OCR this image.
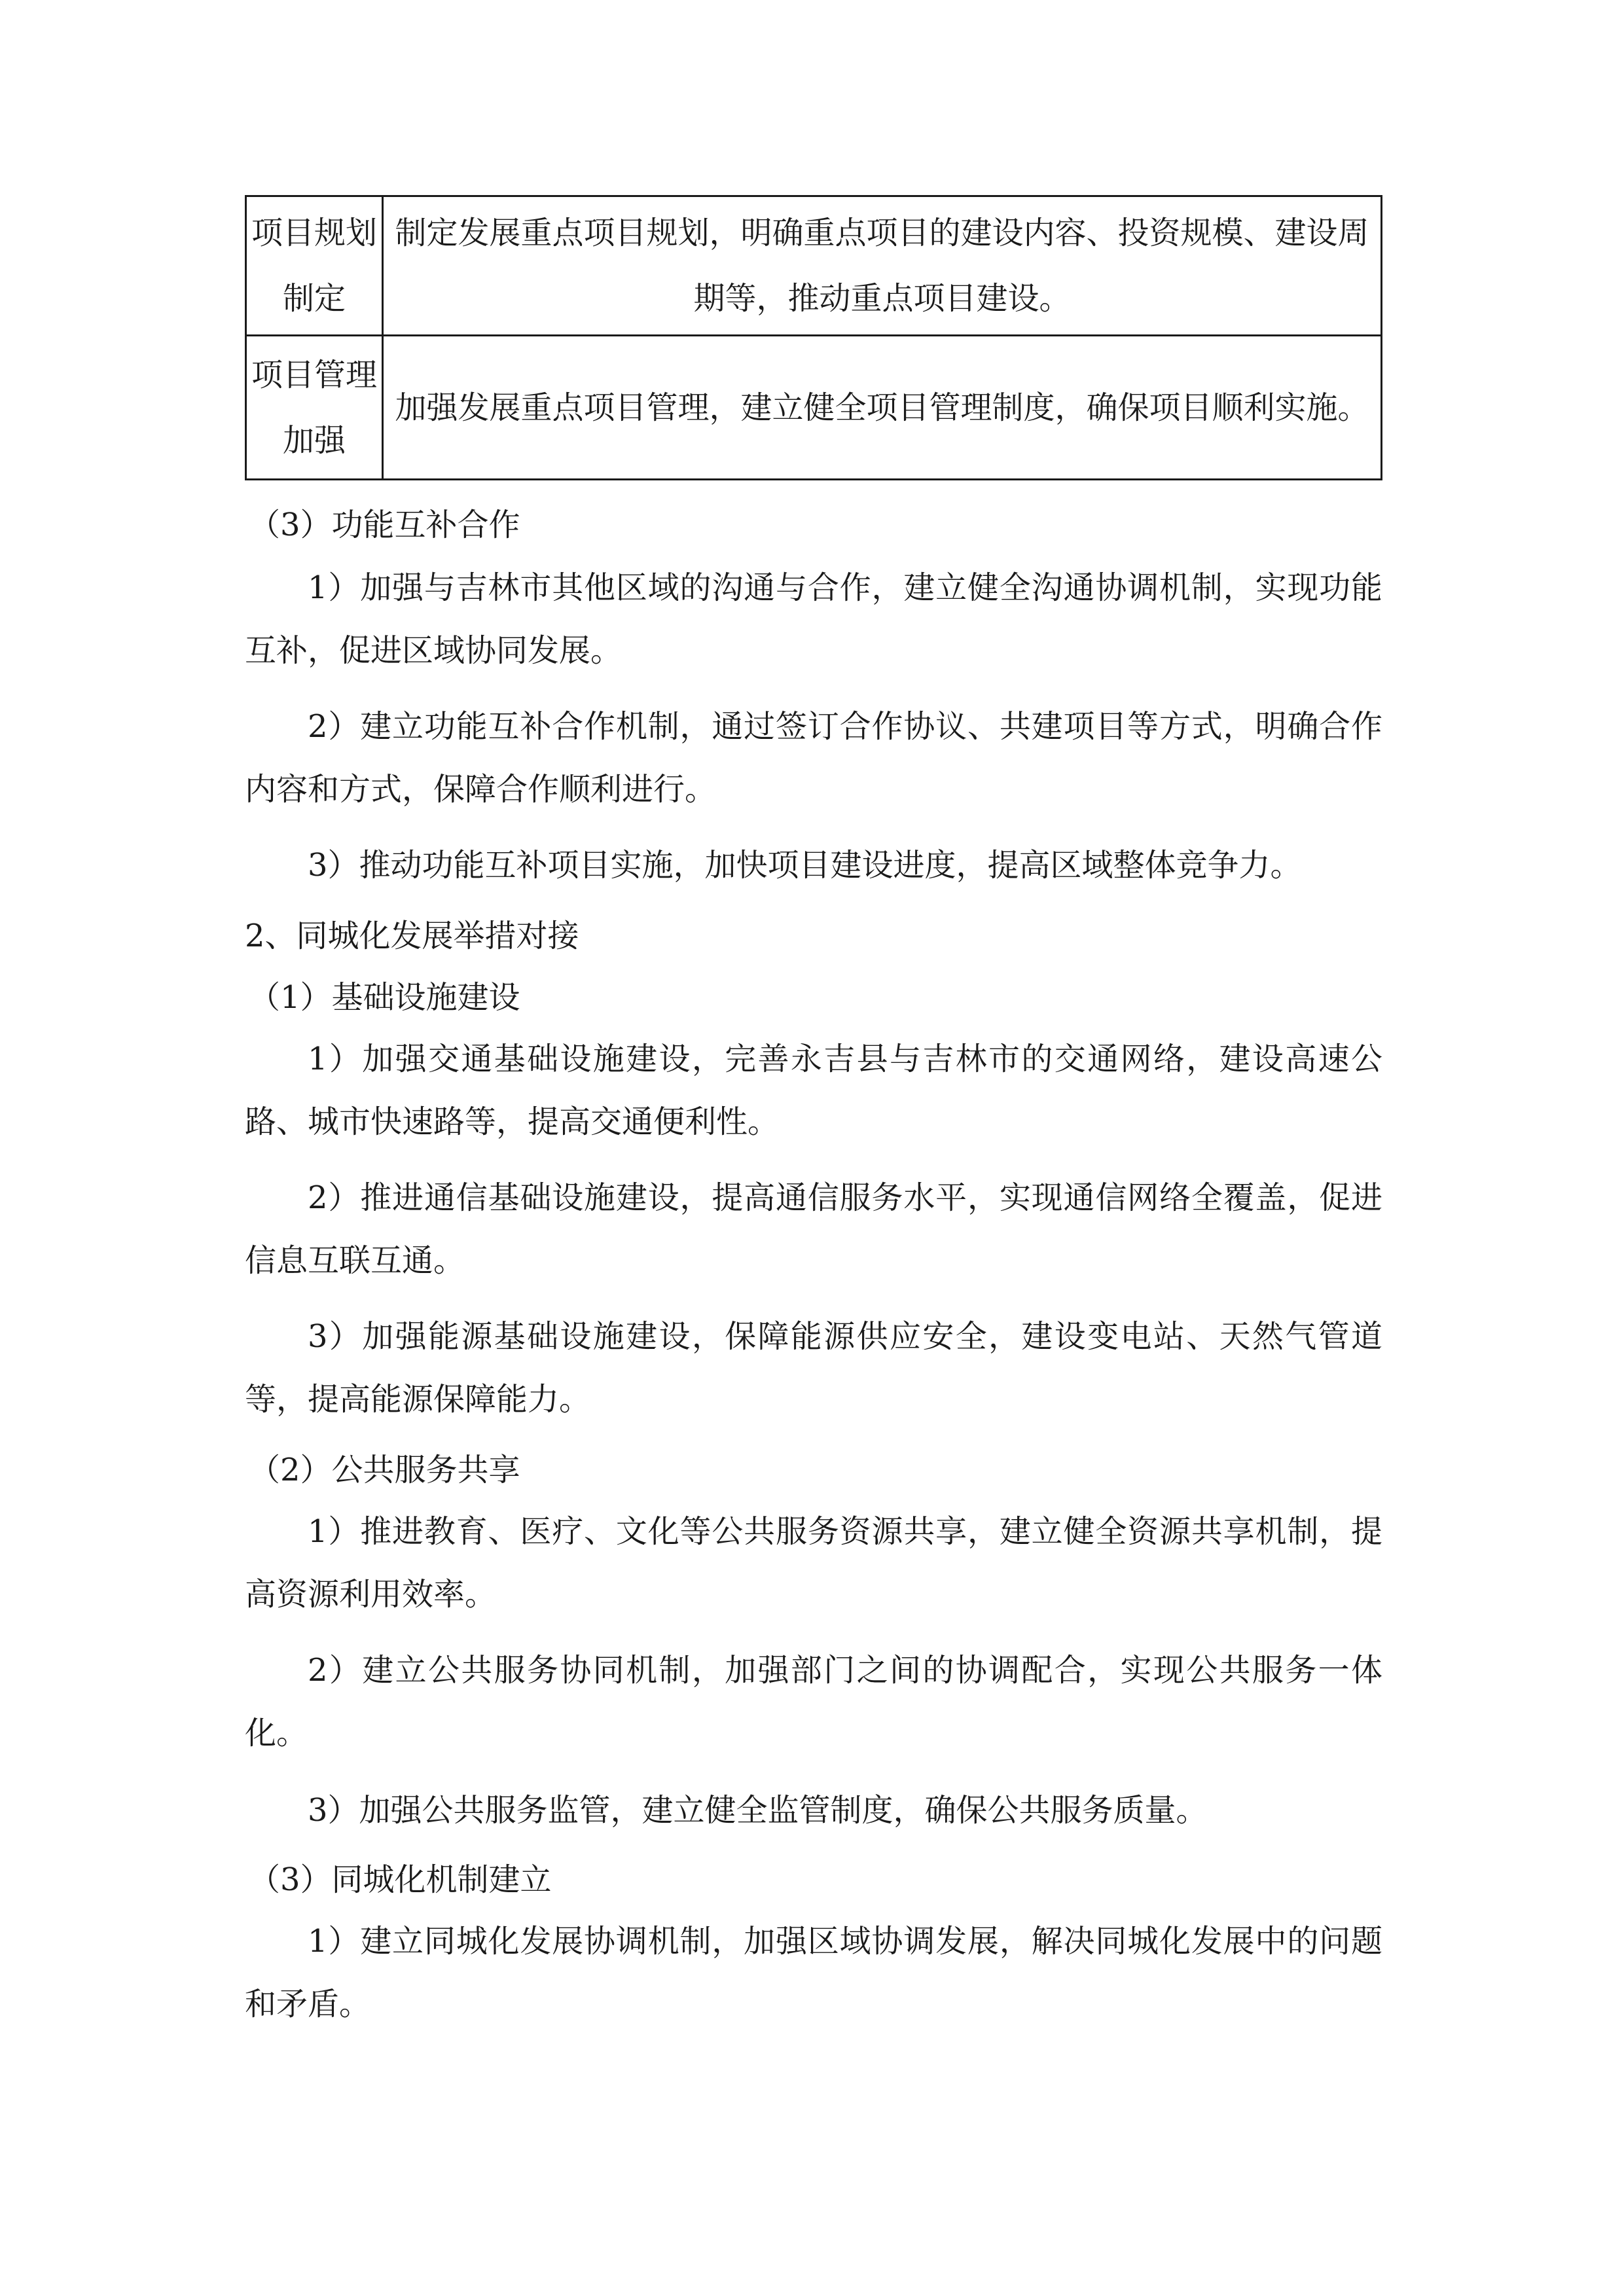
项目规划制定	制定发展重点项目规划，明确重点项目的建设内容、投资规模、建设周期等，推动重点项目建设。
项目管理加强	加强发展重点项目管理，建立健全项目管理制度，确保项目顺利实施。
（3）功能互补合作
1）加强与吉林市其他区域的沟通与合作，建立健全沟通协调机制，实现功能互补，促进区域协同发展。
2）建立功能互补合作机制，通过签订合作协议、共建项目等方式，明确合作内容和方式，保障合作顺利进行。
3）推动功能互补项目实施，加快项目建设进度，提高区域整体竞争力。
2、同城化发展举措对接
（1）基础设施建设
1）加强交通基础设施建设，完善永吉县与吉林市的交通网络，建设高速公路、城市快速路等，提高交通便利性。
2）推进通信基础设施建设，提高通信服务水平，实现通信网络全覆盖，促进信息互联互通。
3）加强能源基础设施建设，保障能源供应安全，建设变电站、天然气管道等，提高能源保障能力。
（2）公共服务共享
1）推进教育、医疗、文化等公共服务资源共享，建立健全资源共享机制，提高资源利用效率。
2）建立公共服务协同机制，加强部门之间的协调配合，实现公共服务一体化。
3）加强公共服务监管，建立健全监管制度，确保公共服务质量。
（3）同城化机制建立
1）建立同城化发展协调机制，加强区域协调发展，解决同城化发展中的问题和矛盾。
